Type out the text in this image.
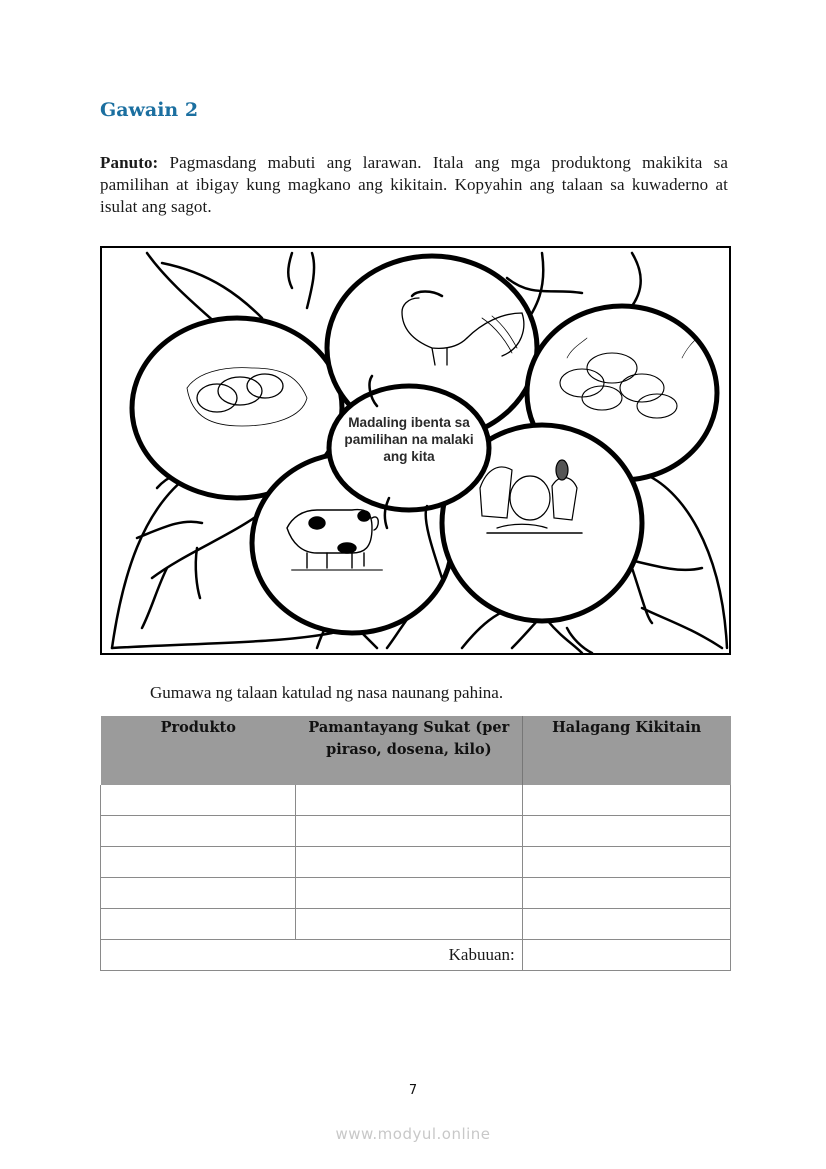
Gawain 2
Panuto: Pagmasdang mabuti ang larawan. Itala ang mga produktong makikita sa pamilihan at ibigay kung magkano ang kikitain. Kopyahin ang talaan sa kuwaderno at isulat ang sagot.
Madaling ibenta sa pamilihan na malaki ang kita
Gumawa ng talaan katulad ng nasa naunang pahina.
Produkto	Pamantayang Sukat (per piraso, dosena, kilo)	Halagang Kikitain

Kabuuan:		
7
www.modyul.online
